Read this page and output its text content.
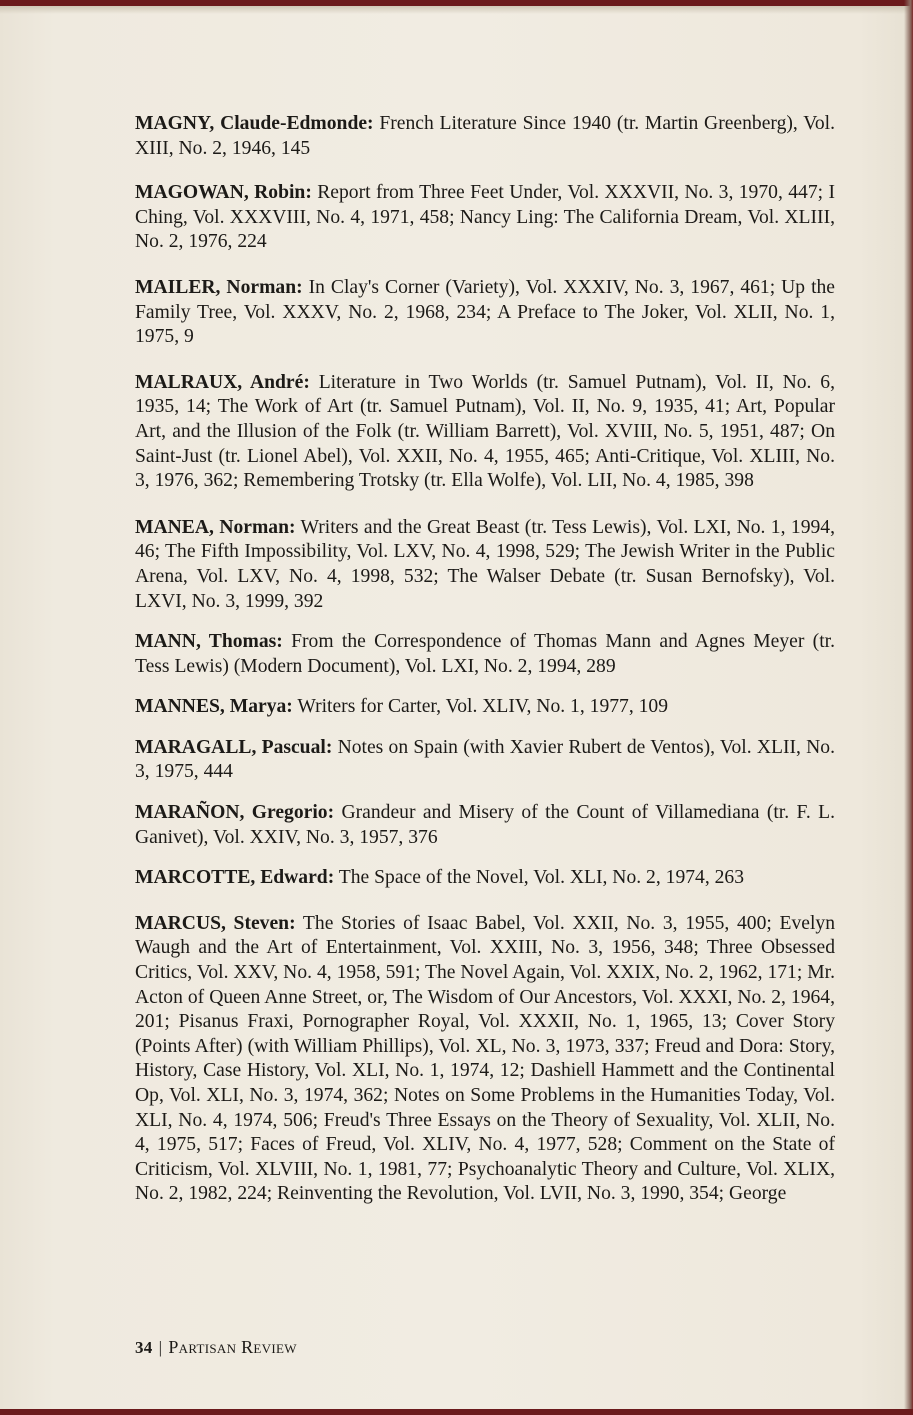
MAGNY, Claude-Edmonde: French Literature Since 1940 (tr. Martin Greenberg), Vol. XIII, No. 2, 1946, 145

MAGOWAN, Robin: Report from Three Feet Under, Vol. XXXVII, No. 3, 1970, 447; I Ching, Vol. XXXVIII, No. 4, 1971, 458; Nancy Ling: The California Dream, Vol. XLIII, No. 2, 1976, 224

MAILER, Norman: In Clay's Corner (Variety), Vol. XXXIV, No. 3, 1967, 461; Up the Family Tree, Vol. XXXV, No. 2, 1968, 234; A Preface to The Joker, Vol. XLII, No. 1, 1975, 9

MALRAUX, André: Literature in Two Worlds (tr. Samuel Putnam), Vol. II, No. 6, 1935, 14; The Work of Art (tr. Samuel Putnam), Vol. II, No. 9, 1935, 41; Art, Popular Art, and the Illusion of the Folk (tr. William Barrett), Vol. XVIII, No. 5, 1951, 487; On Saint-Just (tr. Lionel Abel), Vol. XXII, No. 4, 1955, 465; Anti-Critique, Vol. XLIII, No. 3, 1976, 362; Remembering Trotsky (tr. Ella Wolfe), Vol. LII, No. 4, 1985, 398

MANEA, Norman: Writers and the Great Beast (tr. Tess Lewis), Vol. LXI, No. 1, 1994, 46; The Fifth Impossibility, Vol. LXV, No. 4, 1998, 529; The Jewish Writer in the Public Arena, Vol. LXV, No. 4, 1998, 532; The Walser Debate (tr. Susan Bernofsky), Vol. LXVI, No. 3, 1999, 392

MANN, Thomas: From the Correspondence of Thomas Mann and Agnes Meyer (tr. Tess Lewis) (Modern Document), Vol. LXI, No. 2, 1994, 289

MANNES, Marya: Writers for Carter, Vol. XLIV, No. 1, 1977, 109

MARAGALL, Pascual: Notes on Spain (with Xavier Rubert de Ventos), Vol. XLII, No. 3, 1975, 444

MARAÑON, Gregorio: Grandeur and Misery of the Count of Villamediana (tr. F. L. Ganivet), Vol. XXIV, No. 3, 1957, 376

MARCOTTE, Edward: The Space of the Novel, Vol. XLI, No. 2, 1974, 263

MARCUS, Steven: The Stories of Isaac Babel, Vol. XXII, No. 3, 1955, 400; Evelyn Waugh and the Art of Entertainment, Vol. XXIII, No. 3, 1956, 348; Three Obsessed Critics, Vol. XXV, No. 4, 1958, 591; The Novel Again, Vol. XXIX, No. 2, 1962, 171; Mr. Acton of Queen Anne Street, or, The Wisdom of Our Ancestors, Vol. XXXI, No. 2, 1964, 201; Pisanus Fraxi, Pornographer Royal, Vol. XXXII, No. 1, 1965, 13; Cover Story (Points After) (with William Phillips), Vol. XL, No. 3, 1973, 337; Freud and Dora: Story, History, Case History, Vol. XLI, No. 1, 1974, 12; Dashiell Hammett and the Continental Op, Vol. XLI, No. 3, 1974, 362; Notes on Some Problems in the Humanities Today, Vol. XLI, No. 4, 1974, 506; Freud's Three Essays on the Theory of Sexuality, Vol. XLII, No. 4, 1975, 517; Faces of Freud, Vol. XLIV, No. 4, 1977, 528; Comment on the State of Criticism, Vol. XLVIII, No. 1, 1981, 77; Psychoanalytic Theory and Culture, Vol. XLIX, No. 2, 1982, 224; Reinventing the Revolution, Vol. LVII, No. 3, 1990, 354; George

34 | Partisan Review
